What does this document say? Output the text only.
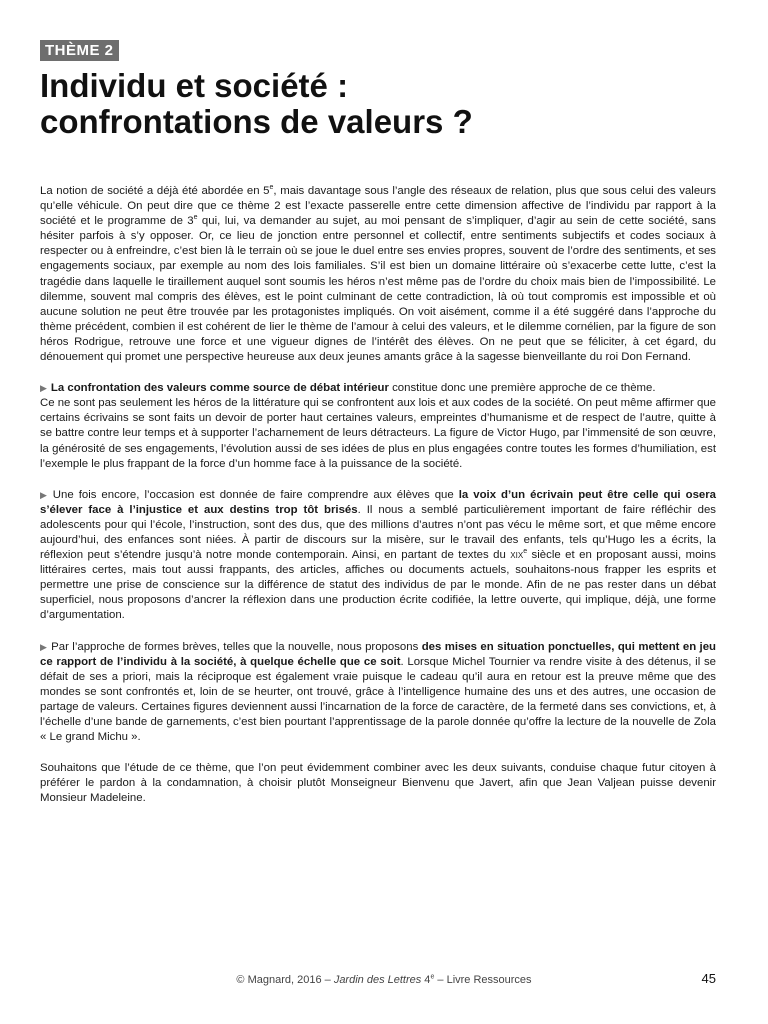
THÈME 2
Individu et société :
confrontations de valeurs ?

La notion de société a déjà été abordée en 5e, mais davantage sous l’angle des réseaux de relation, plus que sous celui des valeurs qu’elle véhicule. On peut dire que ce thème 2 est l’exacte passerelle entre cette dimension affective de l’individu par rapport à la société et le programme de 3e qui, lui, va demander au sujet, au moi pensant de s’impliquer, d’agir au sein de cette société, sans hésiter parfois à s’y opposer. Or, ce lieu de jonction entre personnel et collectif, entre sentiments subjectifs et codes sociaux à respecter ou à enfreindre, c’est bien là le terrain où se joue le duel entre ses envies propres, souvent de l’ordre des sentiments, et ses engagements sociaux, par exemple au nom des lois familiales. S’il est bien un domaine littéraire où s’exacerbe cette lutte, c’est la tragédie dans laquelle le tiraillement auquel sont soumis les héros n’est même pas de l’ordre du choix mais bien de l’impossibilité. Le dilemme, souvent mal compris des élèves, est le point culminant de cette contradiction, là où tout compromis est impossible et où aucune solution ne peut être trouvée par les protagonistes impliqués. On voit aisément, comme il a été suggéré dans l’approche du thème précédent, combien il est cohérent de lier le thème de l’amour à celui des valeurs, et le dilemme cornélien, par la figure de son héros Rodrigue, retrouve une force et une vigueur dignes de l’intérêt des élèves. On ne peut que se féliciter, à cet égard, du dénouement qui promet une perspective heureuse aux deux jeunes amants grâce à la sagesse bienveillante du roi Don Fernand.

▶ La confrontation des valeurs comme source de débat intérieur constitue donc une première approche de ce thème.

Ce ne sont pas seulement les héros de la littérature qui se confrontent aux lois et aux codes de la société. On peut même affirmer que certains écrivains se sont faits un devoir de porter haut certaines valeurs, empreintes d’humanisme et de respect de l’autre, quitte à se battre contre leur temps et à supporter l’acharnement de leurs détracteurs. La figure de Victor Hugo, par l’immensité de son œuvre, la générosité de ses engagements, l’évolution aussi de ses idées de plus en plus engagées contre toutes les formes d’humiliation, est l’exemple le plus frappant de la force d’un homme face à la puissance de la société.

▶ Une fois encore, l’occasion est donnée de faire comprendre aux élèves que la voix d’un écrivain peut être celle qui osera s’élever face à l’injustice et aux destins trop tôt brisés. Il nous a semblé particulièrement important de faire réfléchir des adolescents pour qui l’école, l’instruction, sont des dus, que des millions d’autres n’ont pas vécu le même sort, et que même encore aujourd’hui, des enfances sont niées. À partir de discours sur la misère, sur le travail des enfants, tels qu’Hugo les a écrits, la réflexion peut s’étendre jusqu’à notre monde contemporain. Ainsi, en partant de textes du XIXe siècle et en proposant aussi, moins littéraires certes, mais tout aussi frappants, des articles, affiches ou documents actuels, souhaitons-nous frapper les esprits et permettre une prise de conscience sur la différence de statut des individus de par le monde. Afin de ne pas rester dans un débat superficiel, nous proposons d’ancrer la réflexion dans une production écrite codifiée, la lettre ouverte, qui implique, déjà, une forme d’argumentation.

▶ Par l’approche de formes brèves, telles que la nouvelle, nous proposons des mises en situation ponctuelles, qui mettent en jeu ce rapport de l’individu à la société, à quelque échelle que ce soit. Lorsque Michel Tournier va rendre visite à des détenus, il se défait de ses a priori, mais la réciproque est également vraie puisque le cadeau qu’il aura en retour est la preuve même que des mondes se sont confrontés et, loin de se heurter, ont trouvé, grâce à l’intelligence humaine des uns et des autres, une occasion de partage de valeurs. Certaines figures deviennent aussi l’incarnation de la force de caractère, de la fermeté dans ses convictions, et, à l’échelle d’une bande de garnements, c’est bien pourtant l’apprentissage de la parole donnée qu’offre la lecture de la nouvelle de Zola « Le grand Michu ».

Souhaitons que l’étude de ce thème, que l’on peut évidemment combiner avec les deux suivants, conduise chaque futur citoyen à préférer le pardon à la condamnation, à choisir plutôt Monseigneur Bienvenu que Javert, afin que Jean Valjean puisse devenir Monsieur Madeleine.

© Magnard, 2016 – Jardin des Lettres 4e – Livre Ressources	45
